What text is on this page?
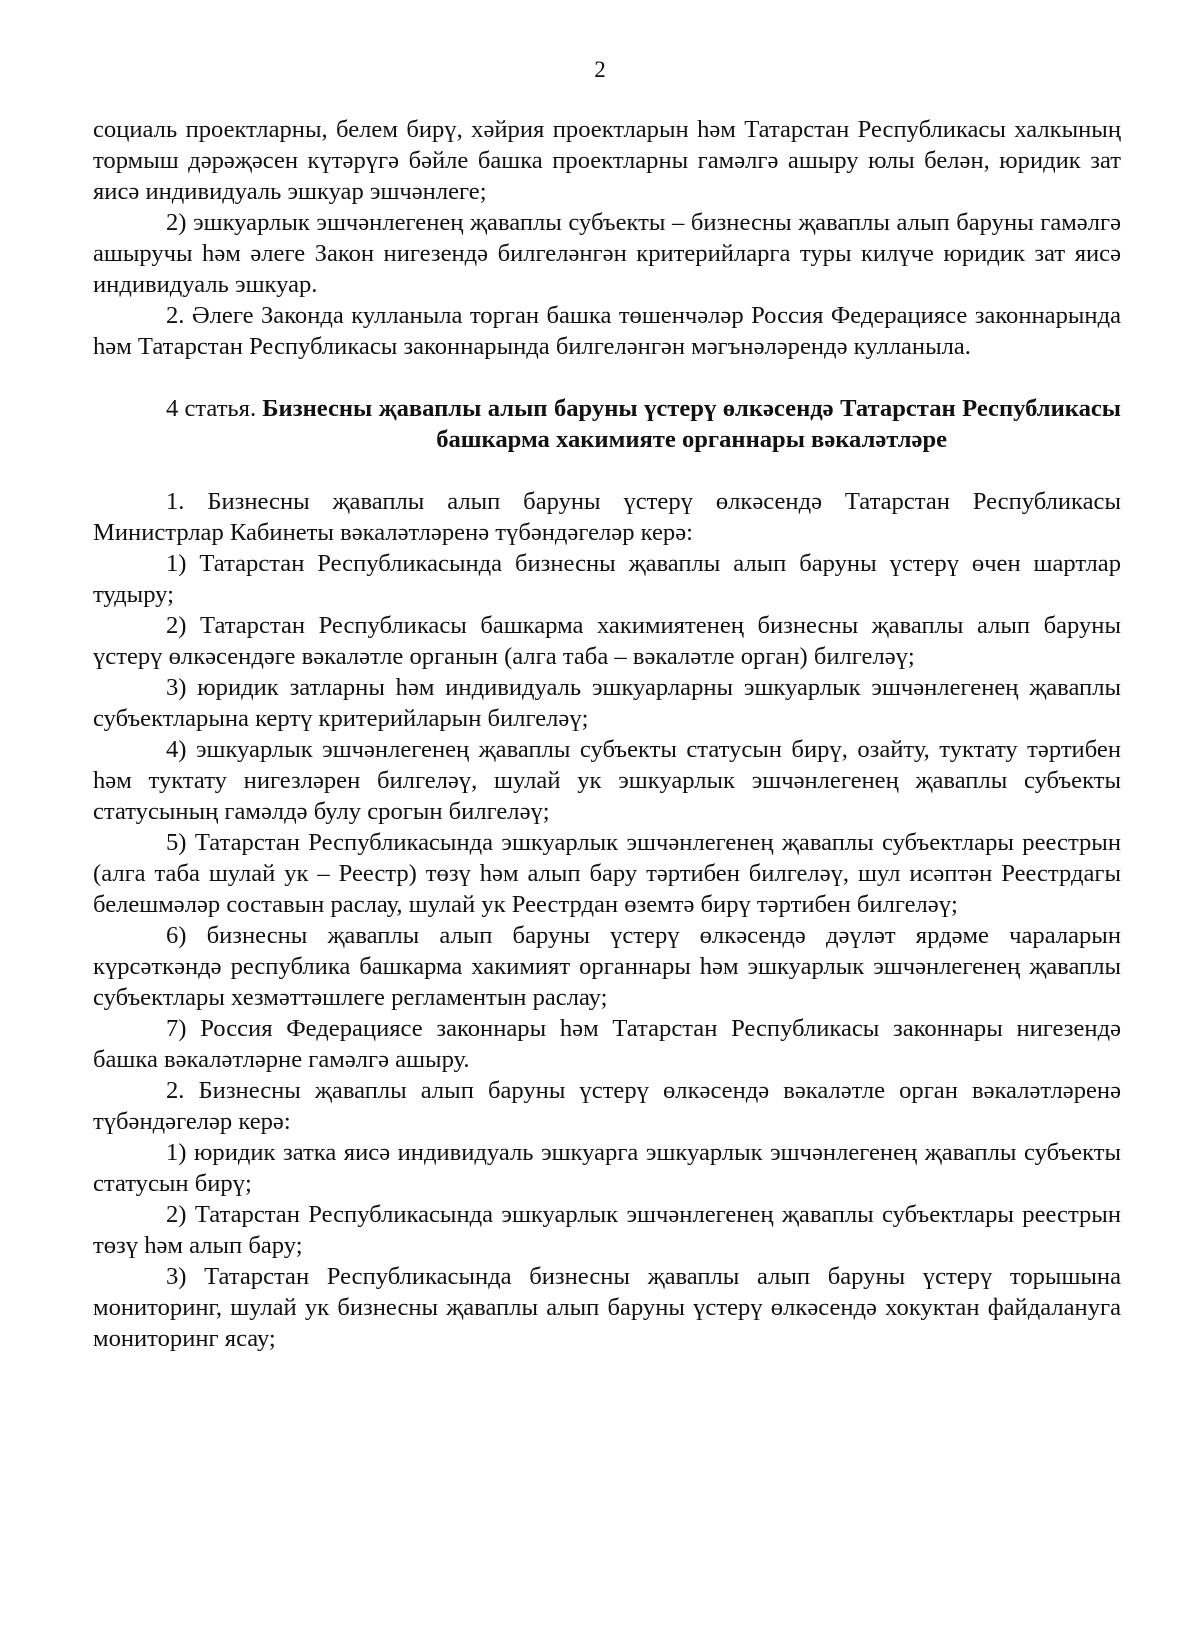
2

социаль проектларны, белем бирү, хәйрия проектларын һәм Татарстан Республикасы халкының тормыш дәрәҗәсен күтәрүгә бәйле башка проектларны гамәлгә ашыру юлы белән, юридик зат яисә индивидуаль эшкуар эшчәнлеге;

2) эшкуарлык эшчәнлегенең җаваплы субъекты – бизнесны җаваплы алып баруны гамәлгә ашыручы һәм әлеге Закон нигезендә билгеләнгән критерийларга туры килүче юридик зат яисә индивидуаль эшкуар.

2. Әлеге Законда кулланыла торган башка төшенчәләр Россия Федерациясе законнарында һәм Татарстан Республикасы законнарында билгеләнгән мәгънәләрендә кулланыла.

4 статья. Бизнесны җаваплы алып баруны үстерү өлкәсендә Татарстан Республикасы башкарма хакимияте органнары вәкаләтләре

1. Бизнесны җаваплы алып баруны үстерү өлкәсендә Татарстан Республикасы Министрлар Кабинеты вәкаләтләренә түбәндәгеләр керә:

1) Татарстан Республикасында бизнесны җаваплы алып баруны үстерү өчен шартлар тудыру;

2) Татарстан Республикасы башкарма хакимиятенең бизнесны җаваплы алып баруны үстерү өлкәсендәге вәкаләтле органын (алга таба – вәкаләтле орган) билгеләү;

3) юридик затларны һәм индивидуаль эшкуарларны эшкуарлык эшчәнлегенең җаваплы субъектларына кертү критерийларын билгеләү;

4) эшкуарлык эшчәнлегенең җаваплы субъекты статусын бирү, озайту, туктату тәртибен һәм туктату нигезләрен билгеләү, шулай ук эшкуарлык эшчәнлегенең җаваплы субъекты статусының гамәлдә булу срогын билгеләү;

5) Татарстан Республикасында эшкуарлык эшчәнлегенең җаваплы субъектлары реестрын (алга таба шулай ук – Реестр) төзү һәм алып бару тәртибен билгеләү, шул исәптән Реестрдагы белешмәләр составын раслау, шулай ук Реестрдан өземтә бирү тәртибен билгеләү;

6) бизнесны җаваплы алып баруны үстерү өлкәсендә дәүләт ярдәме чараларын күрсәткәндә республика башкарма хакимият органнары һәм эшкуарлык эшчәнлегенең җаваплы субъектлары хезмәттәшлеге регламентын раслау;

7) Россия Федерациясе законнары һәм Татарстан Республикасы законнары нигезендә башка вәкаләтләрне гамәлгә ашыру.

2. Бизнесны җаваплы алып баруны үстерү өлкәсендә вәкаләтле орган вәкаләтләренә түбәндәгеләр керә:

1) юридик затка яисә индивидуаль эшкуарга эшкуарлык эшчәнлегенең җаваплы субъекты статусын бирү;

2) Татарстан Республикасында эшкуарлык эшчәнлегенең җаваплы субъектлары реестрын төзү һәм алып бару;

3) Татарстан Республикасында бизнесны җаваплы алып баруны үстерү торышына мониторинг, шулай ук бизнесны җаваплы алып баруны үстерү өлкәсендә хокуктан файдалануга мониторинг ясау;
